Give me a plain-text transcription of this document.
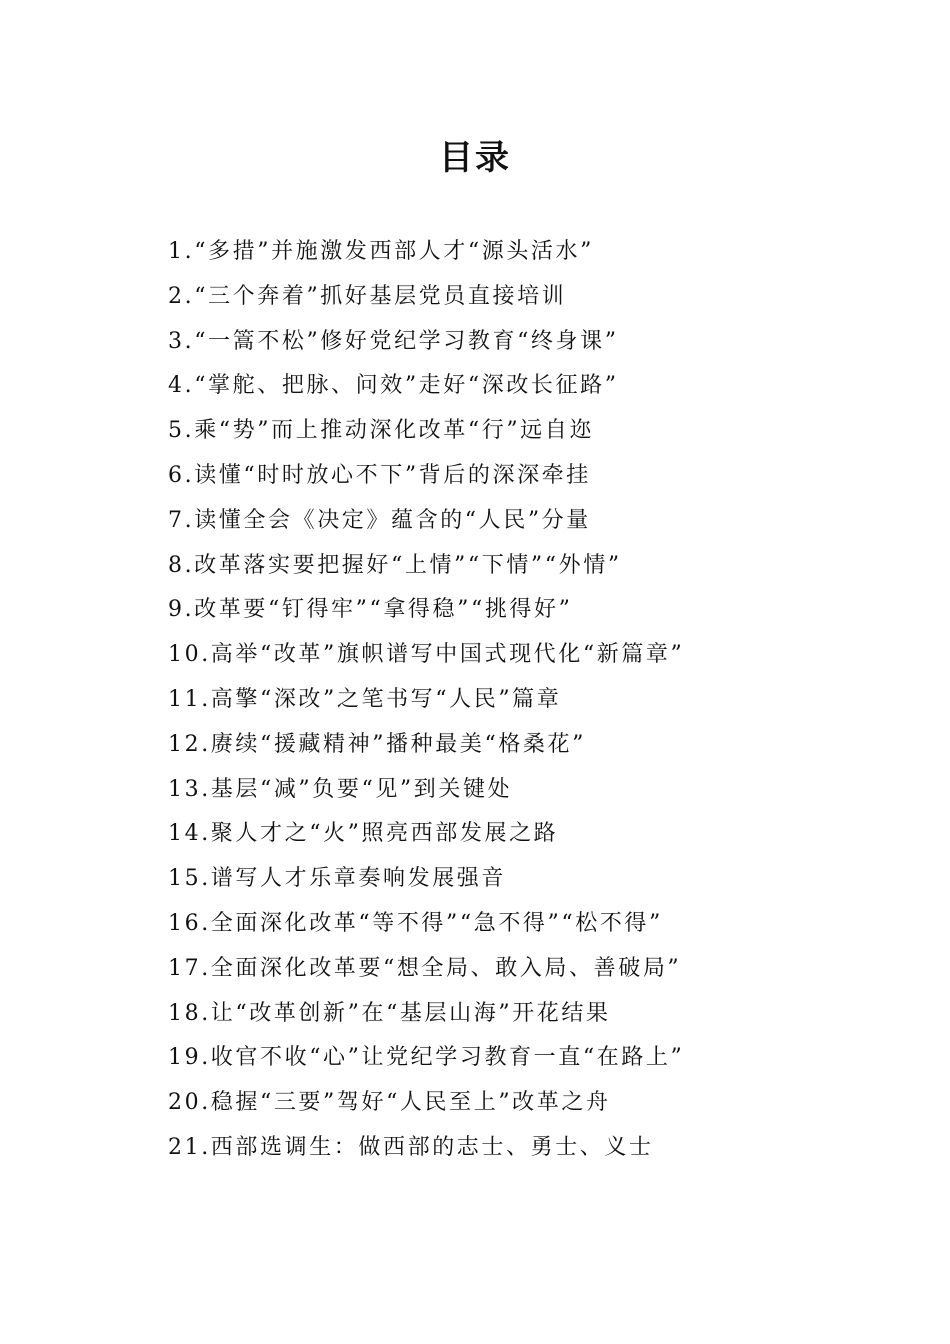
目录
1.“多措”并施激发西部人才“源头活水”
2.“三个奔着”抓好基层党员直接培训
3.“一篙不松”修好党纪学习教育“终身课”
4.“掌舵、把脉、问效”走好“深改长征路”
5.乘“势”而上推动深化改革“行”远自迩
6.读懂“时时放心不下”背后的深深牵挂
7.读懂全会《决定》蕴含的“人民”分量
8.改革落实要把握好“上情”“下情”“外情”
9.改革要“钉得牢”“拿得稳”“挑得好”
10.高举“改革”旗帜谱写中国式现代化“新篇章”
11.高擎“深改”之笔书写“人民”篇章
12.赓续“援藏精神”播种最美“格桑花”
13.基层“减”负要“见”到关键处
14.聚人才之“火”照亮西部发展之路
15.谱写人才乐章奏响发展强音
16.全面深化改革“等不得”“急不得”“松不得”
17.全面深化改革要“想全局、敢入局、善破局”
18.让“改革创新”在“基层山海”开花结果
19.收官不收“心”让党纪学习教育一直“在路上”
20.稳握“三要”驾好“人民至上”改革之舟
21.西部选调生：做西部的志士、勇士、义士
